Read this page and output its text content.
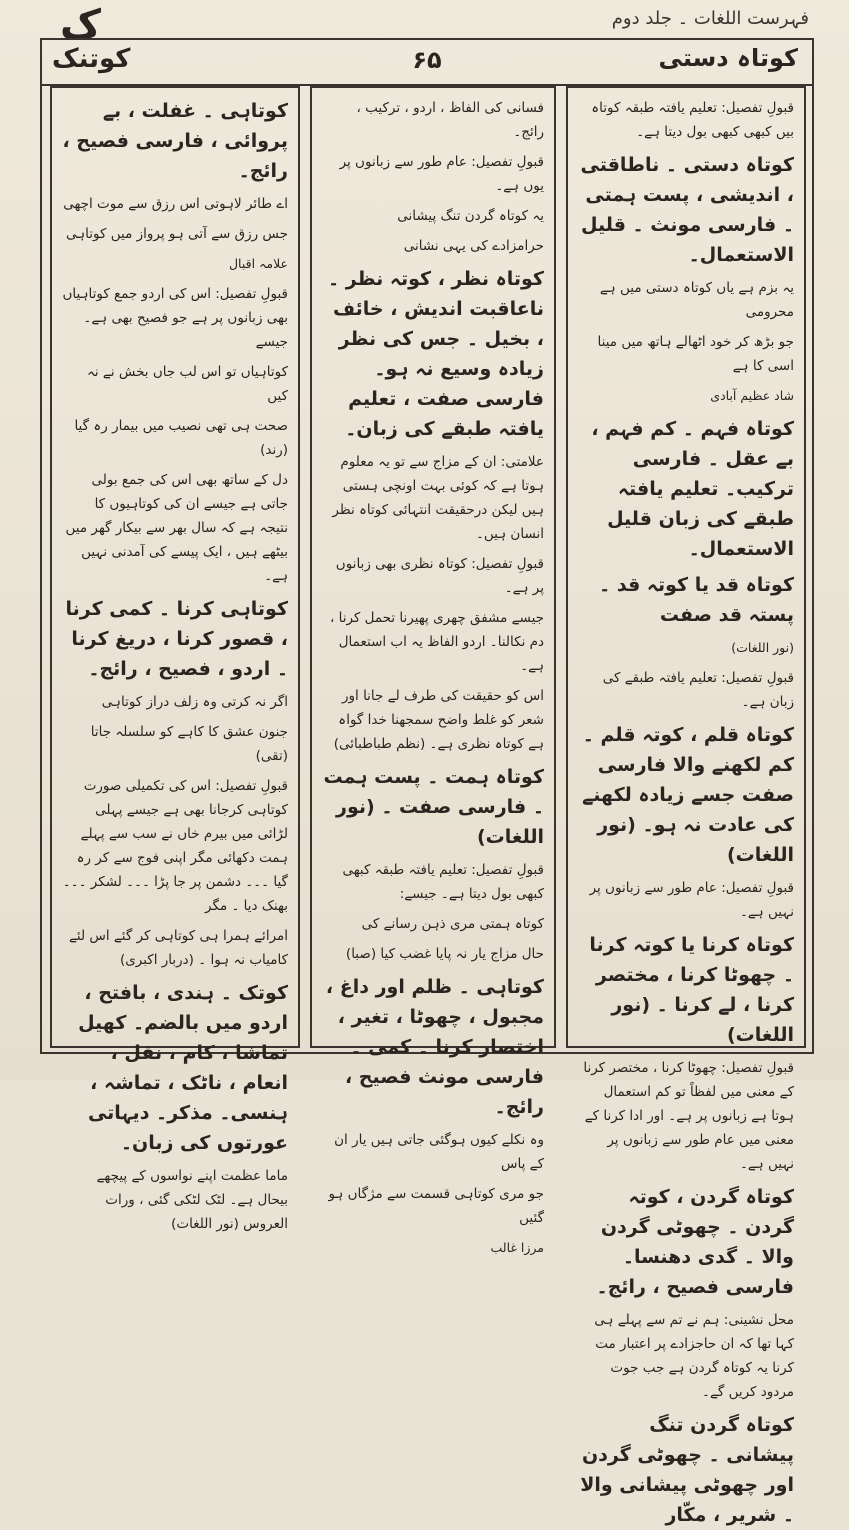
فہرست اللغات ۔ جلد دوم
ک
کوتنک	۶۵	کوتاہ دستی

قبولِ تفصیل: تعلیم یافتہ طبقہ کوتاہ بیں کبھی کبھی بول دیتا ہے۔

کوتاہ دستی ۔ ناطاقتی ، اندیشی ، پست ہمتی ۔ فارسی مونث ۔ قلیل الاستعمال۔

یہ بزم ہے یاں کوتاہ دستی میں ہے محرومی

جو بڑھ کر خود اٹھالے ہاتھ میں مینا اسی کا ہے

شاد عظیم آبادی

کوتاہ فہم ۔ کم فہم ، بے عقل ۔ فارسی ترکیب۔ تعلیم یافتہ طبقے کی زبان قلیل الاستعمال۔

کوتاہ قد یا کوتہ قد ۔ پستہ قد صفت

(نور اللغات)

قبولِ تفصیل: تعلیم یافتہ طبقے کی زبان ہے۔

کوتاہ قلم ، کوتہ قلم ۔ کم لکھنے والا فارسی صفت جسے زیادہ لکھنے کی عادت نہ ہو۔ (نور اللغات)

قبولِ تفصیل: عام طور سے زبانوں پر نہیں ہے۔

کوتاہ کرنا یا کوتہ کرنا ۔ چھوٹا کرنا ، مختصر کرنا ، لے کرنا ۔ (نور اللغات)

قبولِ تفصیل: چھوٹا کرنا ، مختصر کرنا کے معنی میں لفظاً تو کم استعمال ہوتا ہے زبانوں پر ہے۔ اور ادا کرنا کے معنی میں عام طور سے زبانوں پر نہیں ہے۔

کوتاہ گردن ، کوتہ گردن ۔ چھوٹی گردن والا ۔ گدی دھنسا۔ فارسی فصیح ، رائج۔

محل نشینی: ہم نے تم سے پہلے ہی کہا تھا کہ ان حاجزادے پر اعتبار مت کرنا یہ کوتاہ گردن ہے جب جوت مردود کریں گے۔

کوتاہ گردن تنگ پیشانی ۔ چھوٹی گردن اور چھوٹی پیشانی والا ۔ شریر ، مکّار

فسانی کی الفاظ ، اردو ، ترکیب ، رائج۔

قبولِ تفصیل: عام طور سے زبانوں پر یوں ہے۔

یہ کوتاہ گردن تنگ پیشانی

حرامزادے کی یہی نشانی

کوتاہ نظر ، کوتہ نظر ۔ ناعاقبت اندیش ، خائف ، بخیل ۔ جس کی نظر زیادہ وسیع نہ ہو۔ فارسی صفت ، تعلیم یافتہ طبقے کی زبان۔

علامتی: ان کے مزاج سے تو یہ معلوم ہوتا ہے کہ کوئی بہت اونچی ہستی ہیں لیکن درحقیقت انتہائی کوتاہ نظر انسان ہیں۔

قبولِ تفصیل: کوتاہ نظری بھی زبانوں پر ہے۔

جیسے مشفق چھری پھیرنا تحمل کرنا ، دم نکالنا۔ اردو الفاظ یہ اب استعمال ہے۔

اس کو حقیقت کی طرف لے جانا اور شعر کو غلط واضح سمجھنا خدا گواہ ہے کوتاہ نظری ہے۔ (نظم طباطبائی)

کوتاہ ہمت ۔ پست ہمت ۔ فارسی صفت ۔ (نور اللغات)

قبولِ تفصیل: تعلیم یافتہ طبقہ کبھی کبھی بول دیتا ہے۔ جیسے:

کوتاہ ہمتی مری ذہن رسانے کی

حال مزاج یار نہ پایا غضب کیا (صبا)

کوتاہی ۔ ظلم اور داغ ، مجبول ، چھوٹا ، تغیر ، اختصار کرنا ۔ کمی ۔ فارسی مونث فصیح ، رائج۔

وہ نکلے کیوں ہوگئی جاتی ہیں یار ان کے پاس

جو مری کوتاہی قسمت سے مژگاں ہو گئیں

مرزا غالب

کوتاہی ۔ غفلت ، بے پروائی ، فارسی فصیح ، رائج۔

اے طائر لاہوتی اس رزق سے موت اچھی

جس رزق سے آتی ہو پرواز میں کوتاہی

علامہ اقبال

قبولِ تفصیل: اس کی اردو جمع کوتاہیاں بھی زبانوں پر ہے جو فصیح بھی ہے۔ جیسے

کوتاہیاں تو اس لب جاں بخش نے نہ کیں

صحت ہی تھی نصیب میں بیمار رہ گیا (رند)

دل کے ساتھ بھی اس کی جمع بولی جاتی ہے جیسے ان کی کوتاہیوں کا نتیجہ ہے کہ سال بھر سے بیکار گھر میں بیٹھے ہیں ، ایک پیسے کی آمدنی نہیں ہے۔

کوتاہی کرنا ۔ کمی کرنا ، قصور کرنا ، دریغ کرنا ۔ اردو ، فصیح ، رائج۔

اگر نہ کرتی وہ زلف دراز کوتاہی

جنون عشق کا کاہے کو سلسلہ جاتا (تقی)

قبولِ تفصیل: اس کی تکمیلی صورت کوتاہی کرجانا بھی ہے جیسے پہلی لڑائی میں بیرم خاں نے سب سے پہلے ہمت دکھائی مگر اپنی فوج سے کر رہ گیا ۔۔۔ دشمن پر جا پڑا ۔۔۔ لشکر ۔۔۔ بھنک دیا ۔ مگر

امرائے ہمرا ہی کوتاہی کر گئے اس لئے کامیاب نہ ہوا ۔ (دربار اکبری)

کوتک ۔ ہندی ، بافتح ، اردو میں بالضم۔ کھیل تماشا ، کام ، نقل ، انعام ، ناٹک ، تماشہ ، ہنسی۔ مذکر۔ دیہاتی عورتوں کی زبان۔

ماما عظمت اپنے نواسوں کے پیچھے بیحال ہے۔ لٹک لٹکی گئی ، ورات العروس (نور اللغات)
